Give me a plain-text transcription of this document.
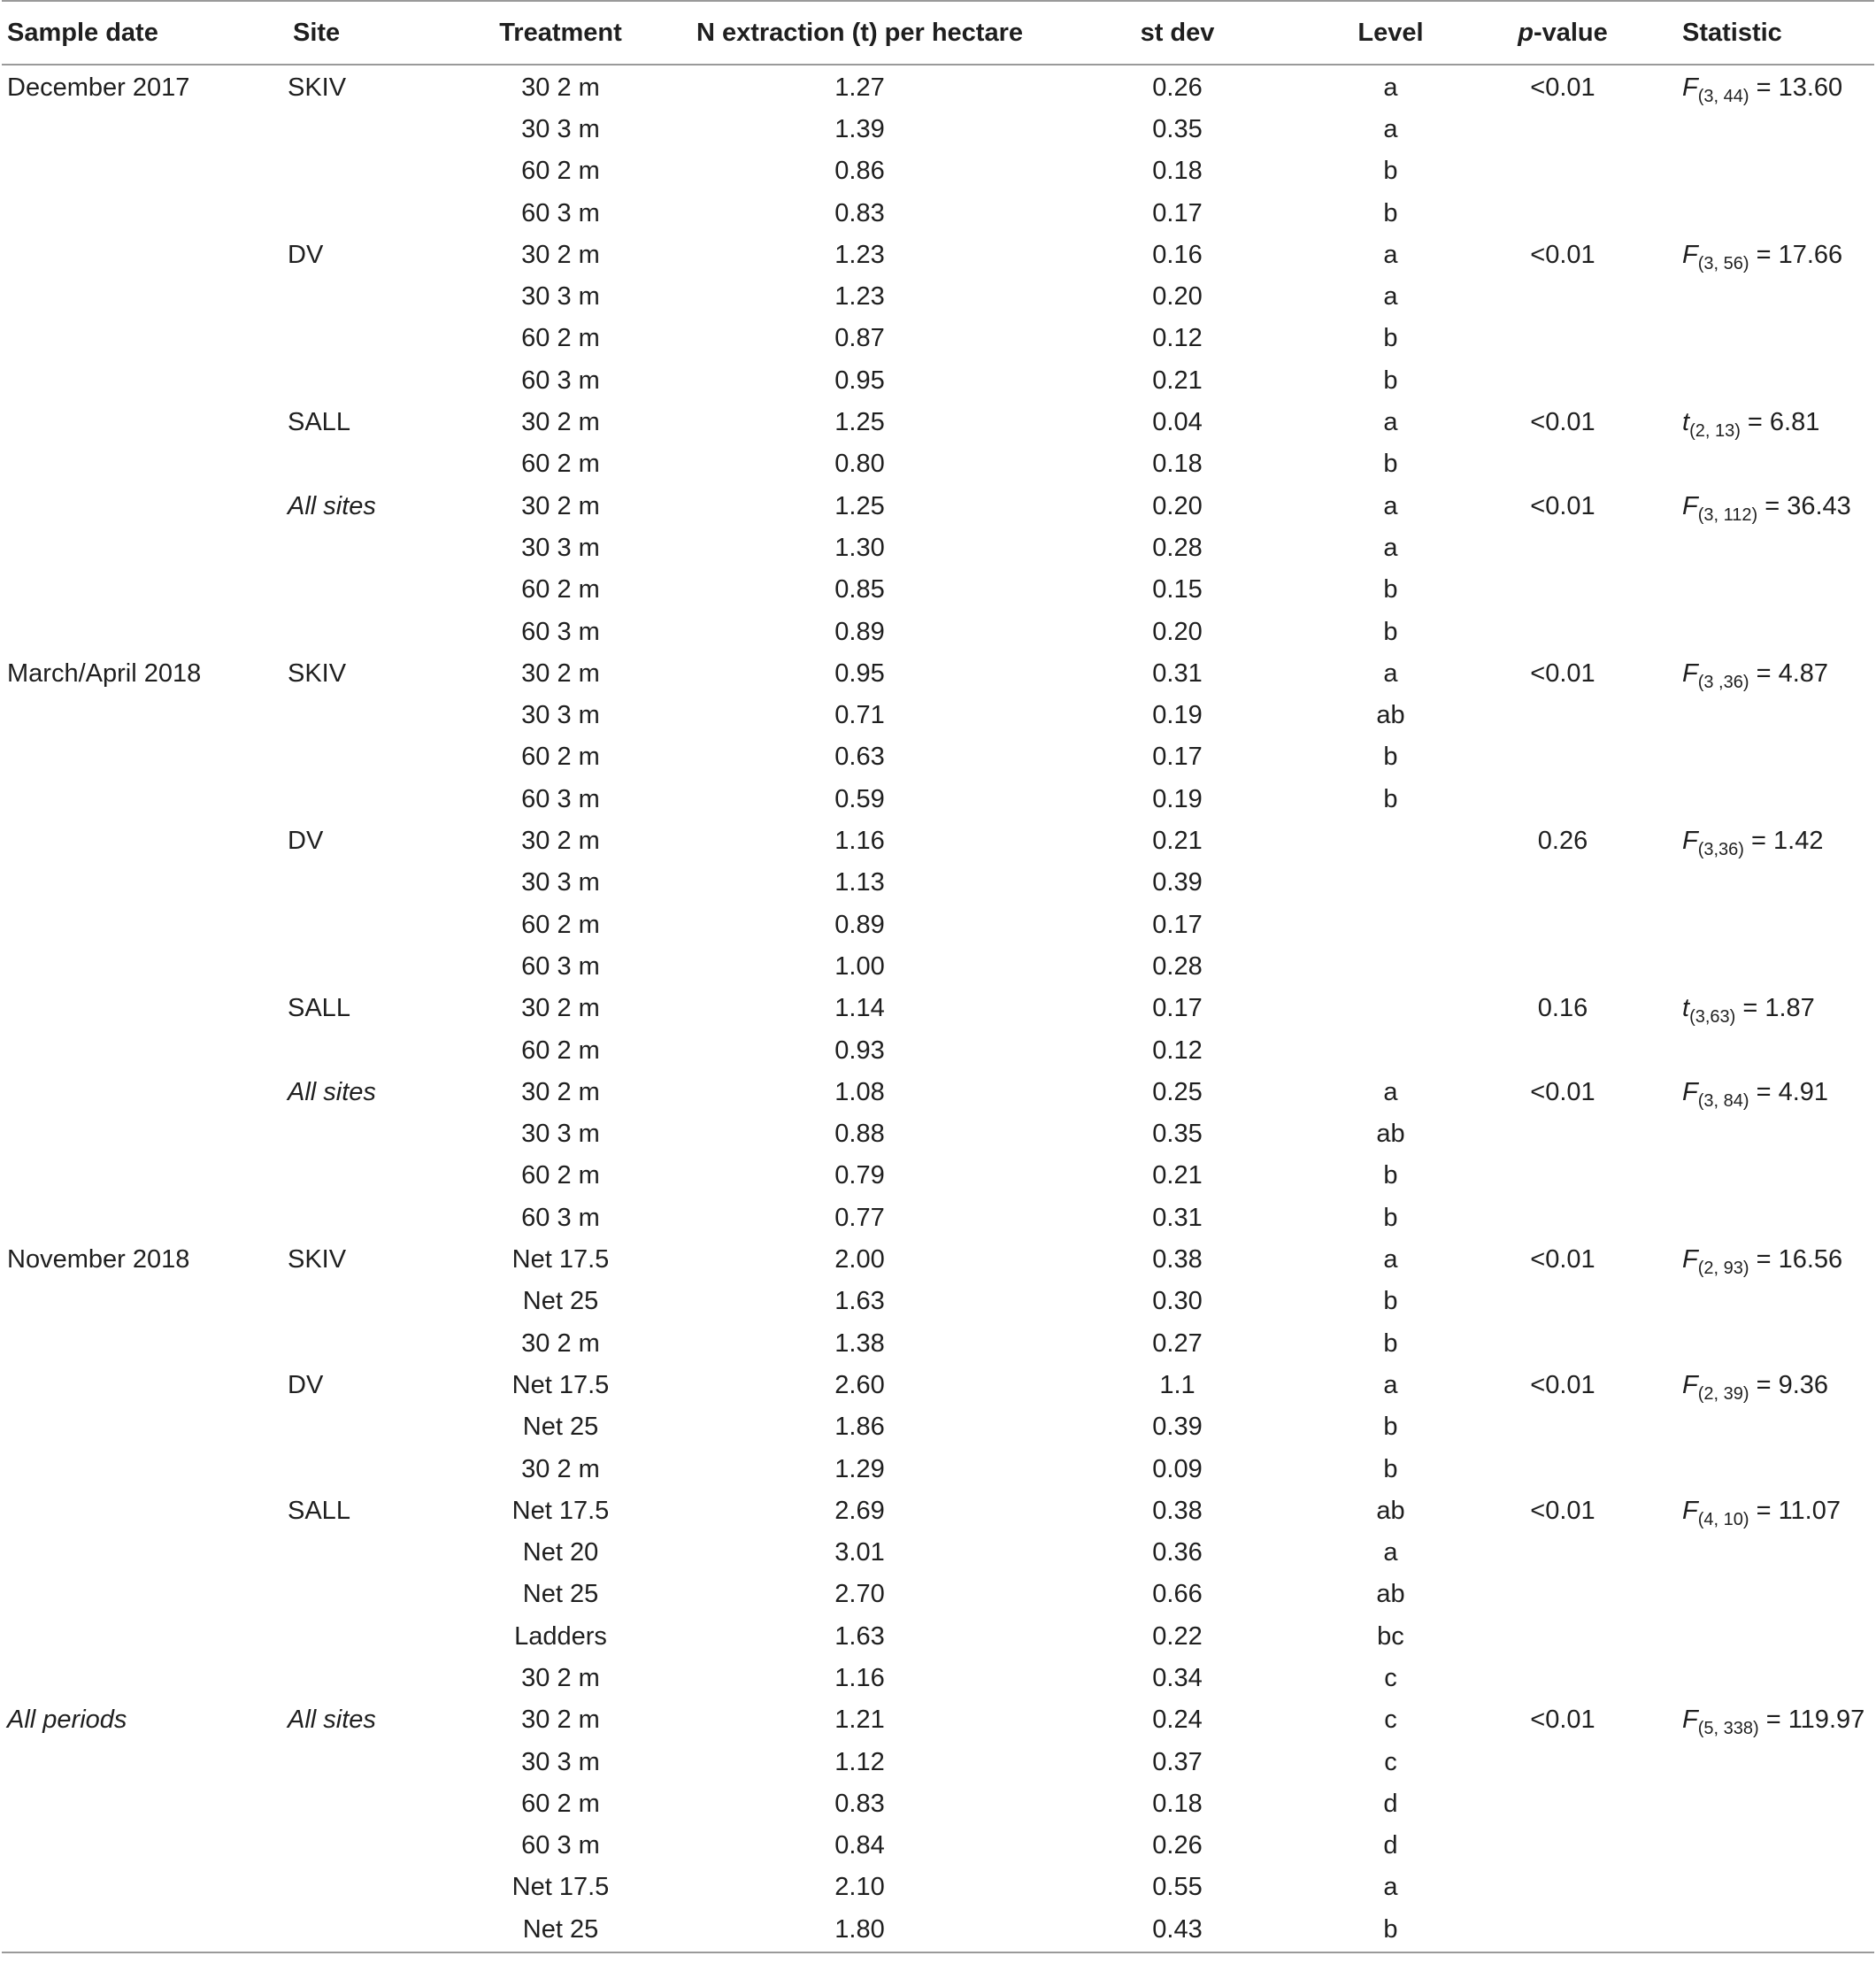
Sample date	Site	Treatment	N extraction (t) per hectare	st dev	Level	p-value	Statistic
December 2017	SKIV	30 2 m	1.27	0.26	a	<0.01	$F_{(3, 44)} = 13.60$
		30 3 m	1.39	0.35	a		
		60 2 m	0.86	0.18	b		
		60 3 m	0.83	0.17	b		
	DV	30 2 m	1.23	0.16	a	<0.01	$F_{(3, 56)} = 17.66$
		30 3 m	1.23	0.20	a		
		60 2 m	0.87	0.12	b		
		60 3 m	0.95	0.21	b		
	SALL	30 2 m	1.25	0.04	a	<0.01	$t_{(2, 13)} = 6.81$
		60 2 m	0.80	0.18	b		
	All sites	30 2 m	1.25	0.20	a	<0.01	$F_{(3, 112)} = 36.43$
		30 3 m	1.30	0.28	a		
		60 2 m	0.85	0.15	b		
		60 3 m	0.89	0.20	b		
March/April 2018	SKIV	30 2 m	0.95	0.31	a	<0.01	$F_{(3 ,36)} = 4.87$
		30 3 m	0.71	0.19	ab		
		60 2 m	0.63	0.17	b		
		60 3 m	0.59	0.19	b		
	DV	30 2 m	1.16	0.21		0.26	$F_{(3,36)} = 1.42$
		30 3 m	1.13	0.39			
		60 2 m	0.89	0.17			
		60 3 m	1.00	0.28			
	SALL	30 2 m	1.14	0.17		0.16	$t_{(3,63)} = 1.87$
		60 2 m	0.93	0.12			
	All sites	30 2 m	1.08	0.25	a	<0.01	$F_{(3, 84)} = 4.91$
		30 3 m	0.88	0.35	ab		
		60 2 m	0.79	0.21	b		
		60 3 m	0.77	0.31	b		
November 2018	SKIV	Net 17.5	2.00	0.38	a	<0.01	$F_{(2, 93)} = 16.56$
		Net 25	1.63	0.30	b		
		30 2 m	1.38	0.27	b		
	DV	Net 17.5	2.60	1.1	a	<0.01	$F_{(2, 39)} = 9.36$
		Net 25	1.86	0.39	b		
		30 2 m	1.29	0.09	b		
	SALL	Net 17.5	2.69	0.38	ab	<0.01	$F_{(4, 10)} = 11.07$
		Net 20	3.01	0.36	a		
		Net 25	2.70	0.66	ab		
		Ladders	1.63	0.22	bc		
		30 2 m	1.16	0.34	c		
All periods	All sites	30 2 m	1.21	0.24	c	<0.01	$F_{(5, 338)} = 119.97$
		30 3 m	1.12	0.37	c		
		60 2 m	0.83	0.18	d		
		60 3 m	0.84	0.26	d		
		Net 17.5	2.10	0.55	a		
		Net 25	1.80	0.43	b		
